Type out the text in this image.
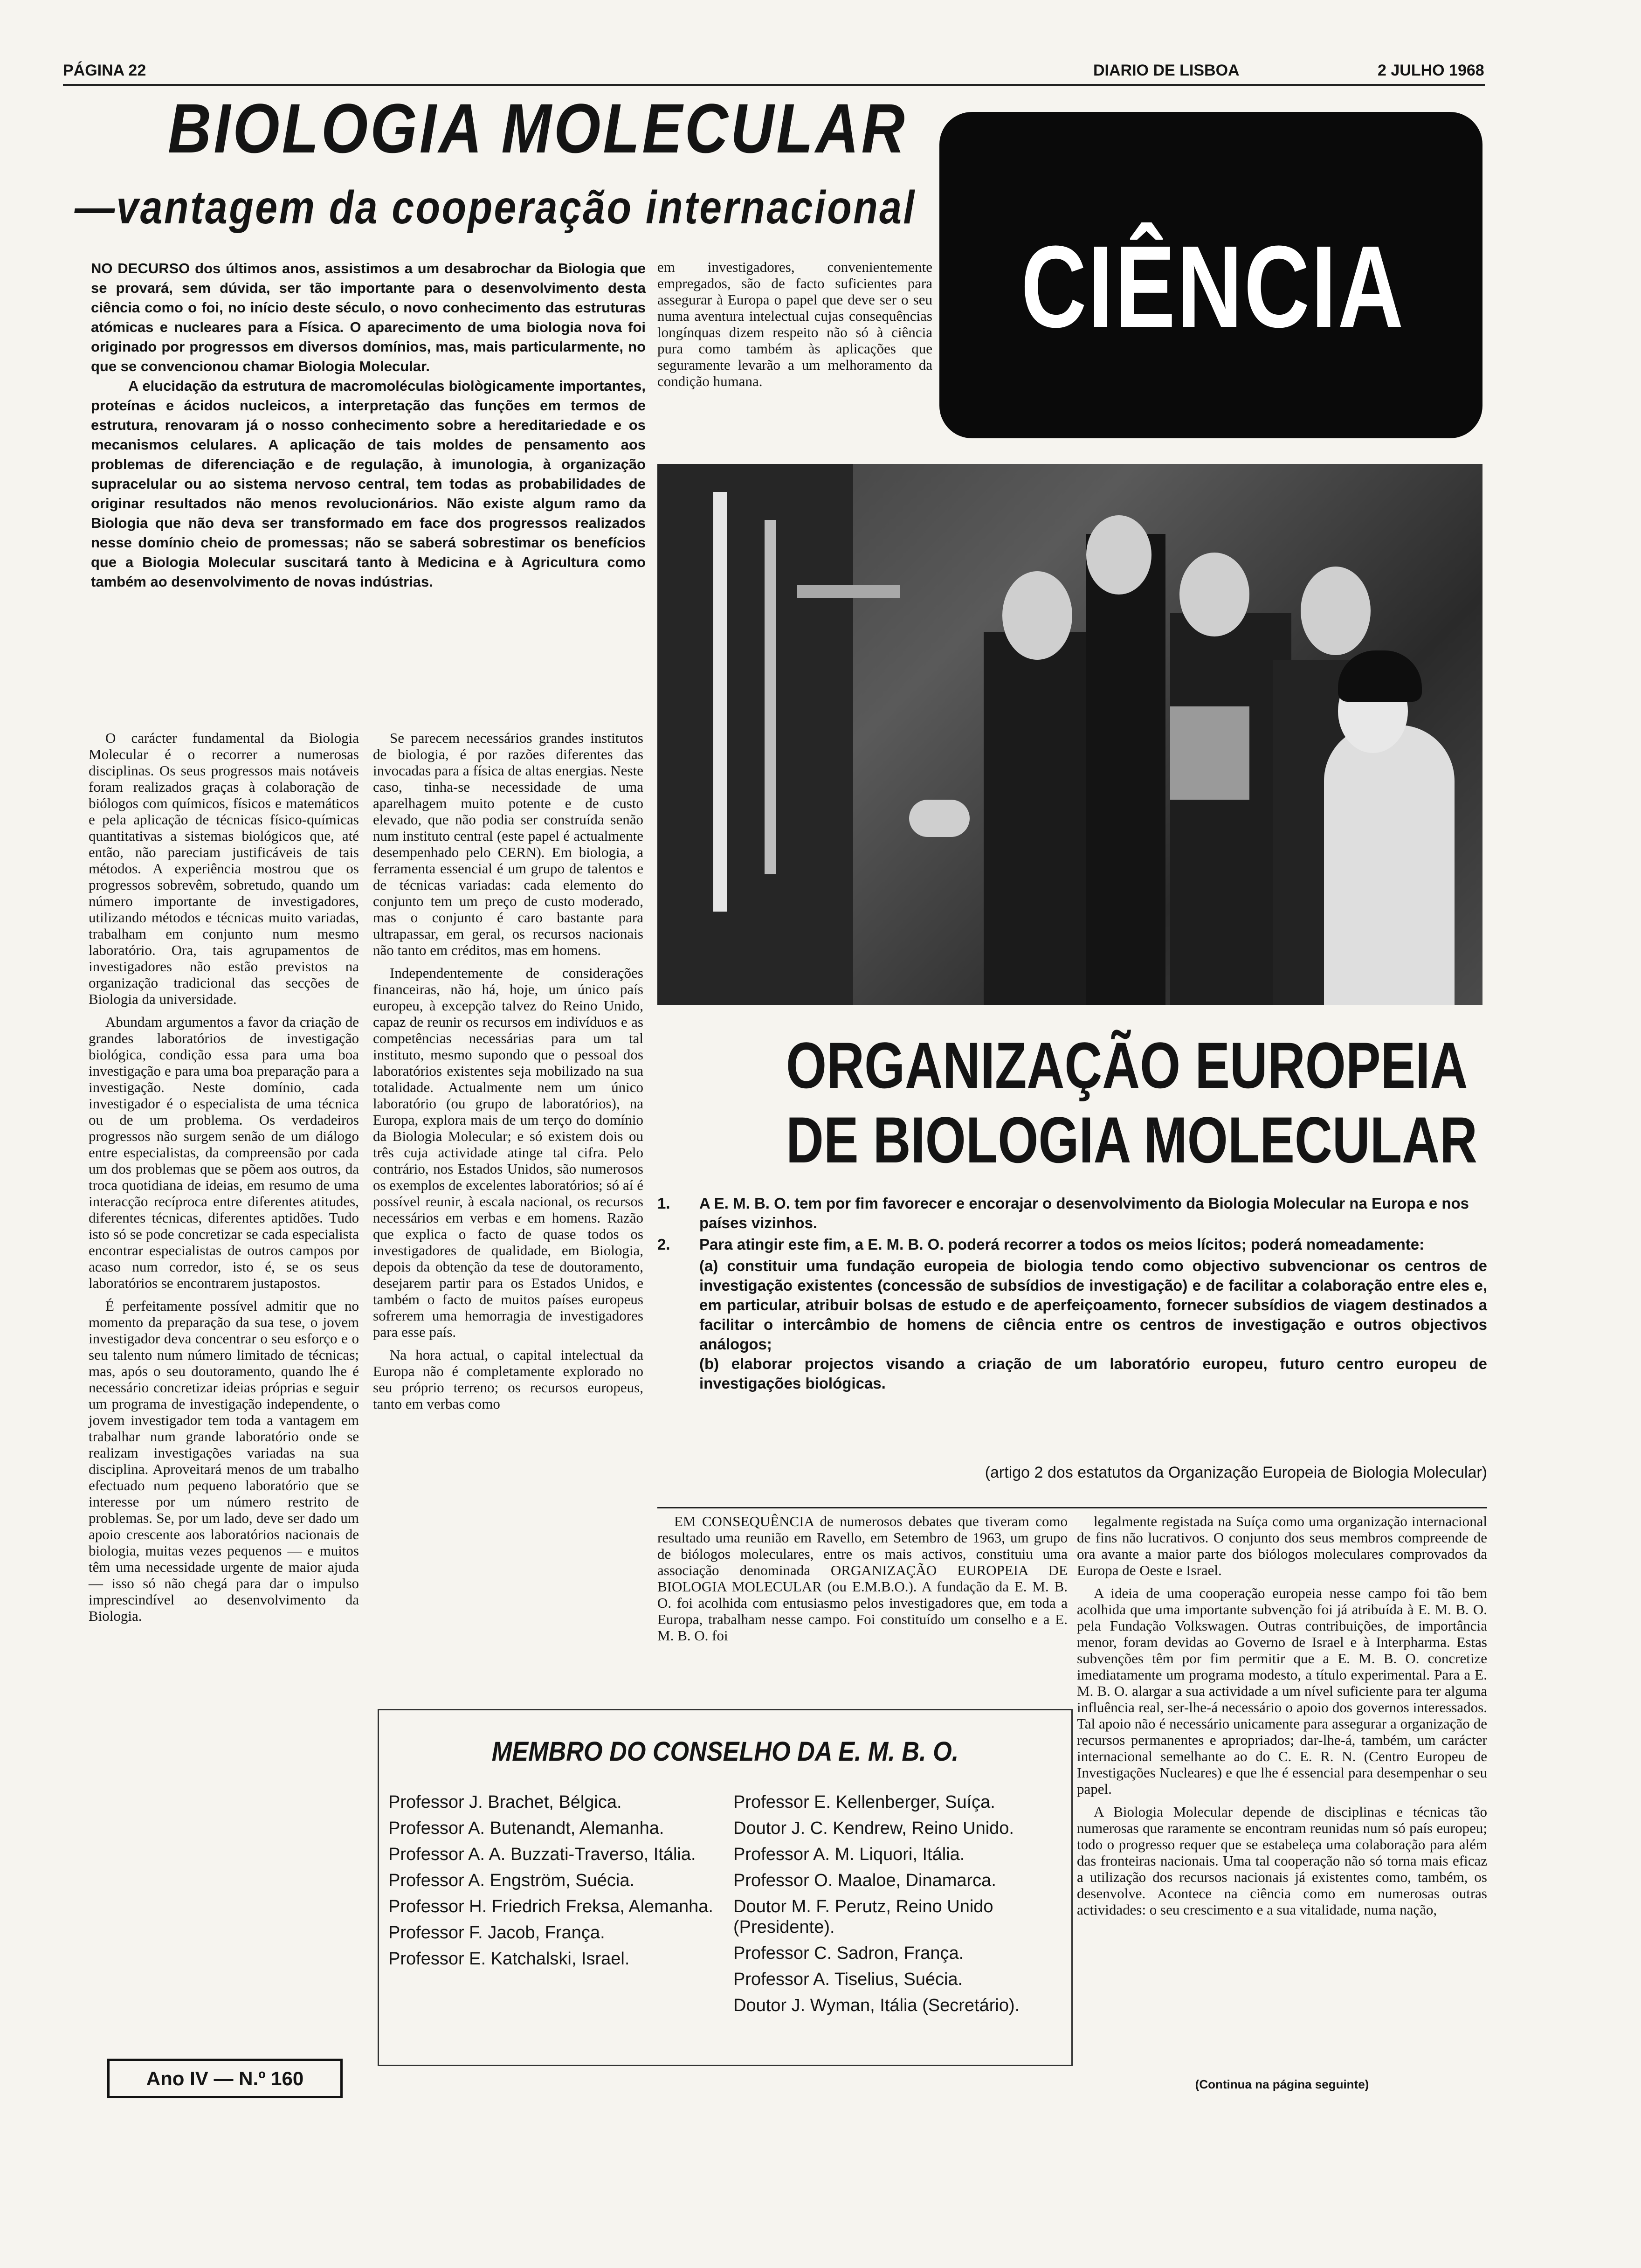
PÁGINA 22	DIARIO DE LISBOA	2 JULHO 1968
BIOLOGIA MOLECULAR
—vantagem da cooperação internacional
CIÊNCIA

NO DECURSO dos últimos anos, assistimos a um desabrochar da Biologia que se provará, sem dúvida, ser tão importante para o desenvolvimento desta ciência como o foi, no início deste século, o novo conhecimento das estruturas atómicas e nucleares para a Física. O aparecimento de uma biologia nova foi originado por progressos em diversos domínios, mas, mais particularmente, no que se convencionou chamar Biologia Molecular.

A elucidação da estrutura de macromoléculas biològicamente importantes, proteínas e ácidos nucleicos, a interpretação das funções em termos de estrutura, renovaram já o nosso conhecimento sobre a hereditariedade e os mecanismos celulares. A aplicação de tais moldes de pensamento aos problemas de diferenciação e de regulação, à imunologia, à organização supracelular ou ao sistema nervoso central, tem todas as probabilidades de originar resultados não menos revolucionários. Não existe algum ramo da Biologia que não deva ser transformado em face dos progressos realizados nesse domínio cheio de promessas; não se saberá sobrestimar os benefícios que a Biologia Molecular suscitará tanto à Medicina e à Agricultura como também ao desenvolvimento de novas indústrias.

em investigadores, convenientemente empregados, são de facto suficientes para assegurar à Europa o papel que deve ser o seu numa aventura intelectual cujas consequências longínquas dizem respeito não só à ciência pura como também às aplicações que seguramente levarão a um melhoramento da condição humana.

O carácter fundamental da Biologia Molecular é o recorrer a numerosas disciplinas. Os seus progressos mais notáveis foram realizados graças à colaboração de biólogos com químicos, físicos e matemáticos e pela aplicação de técnicas físico-químicas quantitativas a sistemas biológicos que, até então, não pareciam justificáveis de tais métodos. A experiência mostrou que os progressos sobrevêm, sobretudo, quando um número importante de investigadores, utilizando métodos e técnicas muito variadas, trabalham em conjunto num mesmo laboratório. Ora, tais agrupamentos de investigadores não estão previstos na organização tradicional das secções de Biologia da universidade.

Abundam argumentos a favor da criação de grandes laboratórios de investigação biológica, condição essa para uma boa investigação e para uma boa preparação para a investigação. Neste domínio, cada investigador é o especialista de uma técnica ou de um problema. Os verdadeiros progressos não surgem senão de um diálogo entre especialistas, da compreensão por cada um dos problemas que se põem aos outros, da troca quotidiana de ideias, em resumo de uma interacção recíproca entre diferentes atitudes, diferentes técnicas, diferentes aptidões. Tudo isto só se pode concretizar se cada especialista encontrar especialistas de outros campos por acaso num corredor, isto é, se os seus laboratórios se encontrarem justapostos.

É perfeitamente possível admitir que no momento da preparação da sua tese, o jovem investigador deva concentrar o seu esforço e o seu talento num número limitado de técnicas; mas, após o seu doutoramento, quando lhe é necessário concretizar ideias próprias e seguir um programa de investigação independente, o jovem investigador tem toda a vantagem em trabalhar num grande laboratório onde se realizam investigações variadas na sua disciplina. Aproveitará menos de um trabalho efectuado num pequeno laboratório que se interesse por um número restrito de problemas. Se, por um lado, deve ser dado um apoio crescente aos laboratórios nacionais de biologia, muitas vezes pequenos — e muitos têm uma necessidade urgente de maior ajuda — isso só não chegá para dar o impulso imprescindível ao desenvolvimento da Biologia.

Se parecem necessários grandes institutos de biologia, é por razões diferentes das invocadas para a física de altas energias. Neste caso, tinha-se necessidade de uma aparelhagem muito potente e de custo elevado, que não podia ser construída senão num instituto central (este papel é actualmente desempenhado pelo CERN). Em biologia, a ferramenta essencial é um grupo de talentos e de técnicas variadas: cada elemento do conjunto tem um preço de custo moderado, mas o conjunto é caro bastante para ultrapassar, em geral, os recursos nacionais não tanto em créditos, mas em homens.

Independentemente de considerações financeiras, não há, hoje, um único país europeu, à excepção talvez do Reino Unido, capaz de reunir os recursos em indivíduos e as competências necessárias para um tal instituto, mesmo supondo que o pessoal dos laboratórios existentes seja mobilizado na sua totalidade. Actualmente nem um único laboratório (ou grupo de laboratórios), na Europa, explora mais de um terço do domínio da Biologia Molecular; e só existem dois ou três cuja actividade atinge tal cifra. Pelo contrário, nos Estados Unidos, são numerosos os exemplos de excelentes laboratórios; só aí é possível reunir, à escala nacional, os recursos necessários em verbas e em homens. Razão que explica o facto de quase todos os investigadores de qualidade, em Biologia, depois da obtenção da tese de doutoramento, desejarem partir para os Estados Unidos, e também o facto de muitos países europeus sofrerem uma hemorragia de investigadores para esse país.

Na hora actual, o capital intelectual da Europa não é completamente explorado no seu próprio terreno; os recursos europeus, tanto em verbas como

ORGANIZAÇÃO EUROPEIA
DE BIOLOGIA MOLECULAR
1. A E. M. B. O. tem por fim favorecer e encorajar o desenvolvimento da Biologia Molecular na Europa e nos países vizinhos.
2. Para atingir este fim, a E. M. B. O. poderá recorrer a todos os meios lícitos; poderá nomeadamente:
(a) constituir uma fundação europeia de biologia tendo como objectivo subvencionar os centros de investigação existentes (concessão de subsídios de investigação) e de facilitar a colaboração entre eles e, em particular, atribuir bolsas de estudo e de aperfeiçoamento, fornecer subsídios de viagem destinados a facilitar o intercâmbio de homens de ciência entre os centros de investigação e outros objectivos análogos;
(b) elaborar projectos visando a criação de um laboratório europeu, futuro centro europeu de investigações biológicas.
(artigo 2 dos estatutos da Organização Europeia de Biologia Molecular)

EM CONSEQUÊNCIA de numerosos debates que tiveram como resultado uma reunião em Ravello, em Setembro de 1963, um grupo de biólogos moleculares, entre os mais activos, constituiu uma associação denominada ORGANIZAÇÃO EUROPEIA DE BIOLOGIA MOLECULAR (ou E.M.B.O.). A fundação da E. M. B. O. foi acolhida com entusiasmo pelos investigadores que, em toda a Europa, trabalham nesse campo. Foi constituído um conselho e a E. M. B. O. foi

legalmente registada na Suíça como uma organização internacional de fins não lucrativos. O conjunto dos seus membros compreende de ora avante a maior parte dos biólogos moleculares comprovados da Europa de Oeste e Israel.

A ideia de uma cooperação europeia nesse campo foi tão bem acolhida que uma importante subvenção foi já atribuída à E. M. B. O. pela Fundação Volkswagen. Outras contribuições, de importância menor, foram devidas ao Governo de Israel e à Interpharma. Estas subvenções têm por fim permitir que a E. M. B. O. concretize imediatamente um programa modesto, a título experimental. Para a E. M. B. O. alargar a sua actividade a um nível suficiente para ter alguma influência real, ser-lhe-á necessário o apoio dos governos interessados. Tal apoio não é necessário unicamente para assegurar a organização de recursos permanentes e apropriados; dar-lhe-á, também, um carácter internacional semelhante ao do C. E. R. N. (Centro Europeu de Investigações Nucleares) e que lhe é essencial para desempenhar o seu papel.

A Biologia Molecular depende de disciplinas e técnicas tão numerosas que raramente se encontram reunidas num só país europeu; todo o progresso requer que se estabeleça uma colaboração para além das fronteiras nacionais. Uma tal cooperação não só torna mais eficaz a utilização dos recursos nacionais já existentes como, também, os desenvolve. Acontece na ciência como em numerosas outras actividades: o seu crescimento e a sua vitalidade, numa nação,

MEMBRO DO CONSELHO DA E. M. B. O.
Professor J. Brachet, Bélgica.
Professor A. Butenandt, Alemanha.
Professor A. A. Buzzati-Traverso, Itália.
Professor A. Engström, Suécia.
Professor H. Friedrich Freksa, Alemanha.
Professor F. Jacob, França.
Professor E. Katchalski, Israel.
Professor E. Kellenberger, Suíça.
Doutor J. C. Kendrew, Reino Unido.
Professor A. M. Liquori, Itália.
Professor O. Maaloe, Dinamarca.
Doutor M. F. Perutz, Reino Unido (Presidente).
Professor C. Sadron, França.
Professor A. Tiselius, Suécia.
Doutor J. Wyman, Itália (Secretário).
Ano IV — N.º 160	(Continua na página seguinte)
